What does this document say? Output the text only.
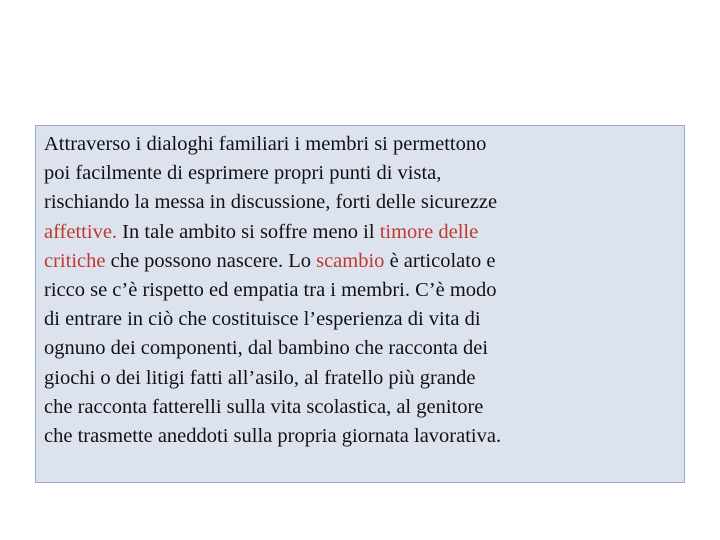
Attraverso i dialoghi familiari i membri si permettono
poi facilmente di esprimere propri punti di vista,
rischiando la messa in discussione, forti delle sicurezze
affettive. In tale ambito si soffre meno il timore delle
critiche che possono nascere. Lo scambio è articolato e
ricco se c’è rispetto ed empatia tra i membri. C’è modo
di entrare in ciò che costituisce l’esperienza di vita di
ognuno dei componenti, dal bambino che racconta dei
giochi o dei litigi fatti all’asilo, al fratello più grande
che racconta fatterelli sulla vita scolastica, al genitore
che trasmette aneddoti sulla propria giornata lavorativa.
